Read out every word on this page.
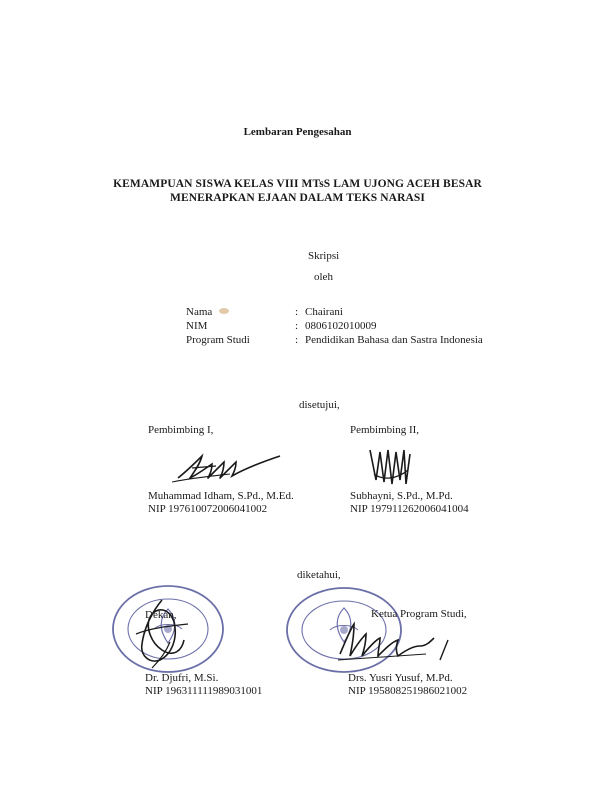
Lembaran Pengesahan
KEMAMPUAN SISWA KELAS VIII MTsS LAM UJONG ACEH BESAR
MENERAPKAN EJAAN DALAM TEKS NARASI
Skripsi
oleh
Nama	: Chairani
NIM	: 0806102010009
Program Studi	: Pendidikan Bahasa dan Sastra Indonesia
disetujui,
Pembimbing I,	Pembimbing II,
Muhammad Idham, S.Pd., M.Ed.
NIP 197610072006041002
Subhayni, S.Pd., M.Pd.
NIP 197911262006041004
diketahui,
Dekan,	Ketua Program Studi,
Dr. Djufri, M.Si.
NIP 196311111989031001
Drs. Yusri Yusuf, M.Pd.
NIP 195808251986021002
